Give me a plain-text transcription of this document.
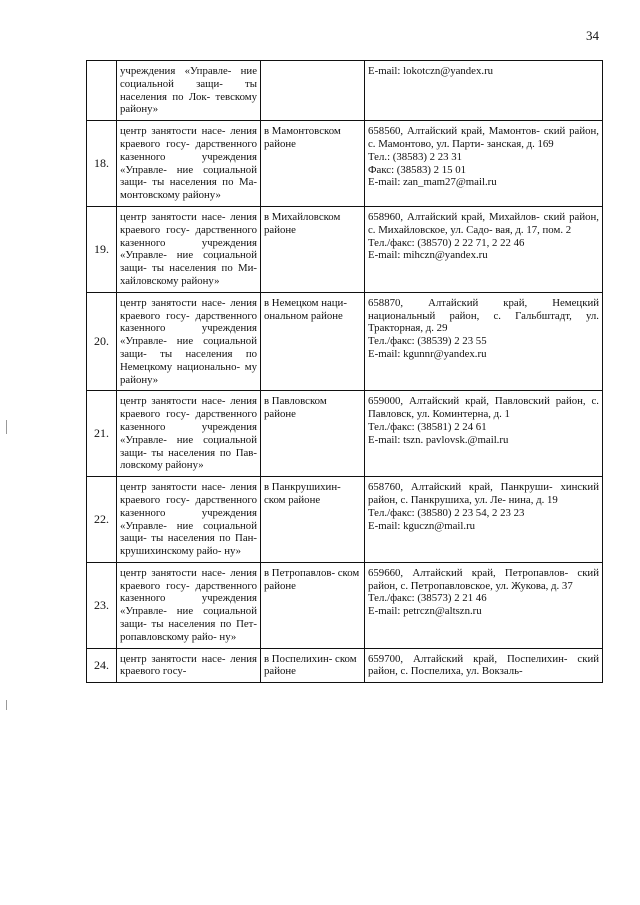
34
	учреждения «Управле- ние социальной защи- ты населения по Лок- тевскому району»		E-mail: lokotczn@yandex.ru

18.	центр занятости насе- ления краевого госу- дарственного казенного учреждения «Управле- ние социальной защи- ты населения по Ма- монтовскому району»	в Мамонтовском районе	658560, Алтайский край, Мамонтов- ский район, с. Мамонтово, ул. Парти- занская, д. 169
Тел.: (38583) 2 23 31
Факс: (38583) 2 15 01
E-mail: zan_mam27@mail.ru

19.	центр занятости насе- ления краевого госу- дарственного казенного учреждения «Управле- ние социальной защи- ты населения по Ми- хайловскому району»	в Михайловском районе	658960, Алтайский край, Михайлов- ский район, с. Михайловское, ул. Садо- вая, д. 17, пом. 2
Тел./факс: (38570) 2 22 71, 2 22 46
E-mail: mihczn@yandex.ru

20.	центр занятости насе- ления краевого госу- дарственного казенного учреждения «Управле- ние социальной защи- ты населения по Немецкому национально- му району»	в Немецком наци- ональном районе	658870, Алтайский край, Немецкий национальный район, с. Гальбштадт, ул. Тракторная, д. 29
Тел./факс: (38539) 2 23 55
E-mail: kgunnr@yandex.ru

21.	центр занятости насе- ления краевого госу- дарственного казенного учреждения «Управле- ние социальной защи- ты населения по Пав- ловскому району»	в Павловском районе	659000, Алтайский край, Павловский район, с. Павловск, ул. Коминтерна, д. 1
Тел./факс: (38581) 2 24 61
E-mail: tszn. pavlovsk.@mail.ru

22.	центр занятости насе- ления краевого госу- дарственного казенного учреждения «Управле- ние социальной защи- ты населения по Пан- крушихинскому райо- ну»	в Панкрушихин- ском районе	658760, Алтайский край, Панкруши- хинский район, с. Панкрушиха, ул. Ле- нина, д. 19
Тел./факс: (38580) 2 23 54, 2 23 23
E-mail: kguczn@mail.ru

23.	центр занятости насе- ления краевого госу- дарственного казенного учреждения «Управле- ние социальной защи- ты населения по Пет- ропавловскому райо- ну»	в Петропавлов- ском районе	659660, Алтайский край, Петропавлов- ский район, с. Петропавловское, ул. Жукова, д. 37
Тел./факс: (38573) 2 21 46
E-mail: petrczn@altszn.ru

24.	центр занятости насе- ления краевого госу-	в Поспелихин- ском районе	659700, Алтайский край, Поспелихин- ский район, с. Поспелиха, ул. Вокзаль-
